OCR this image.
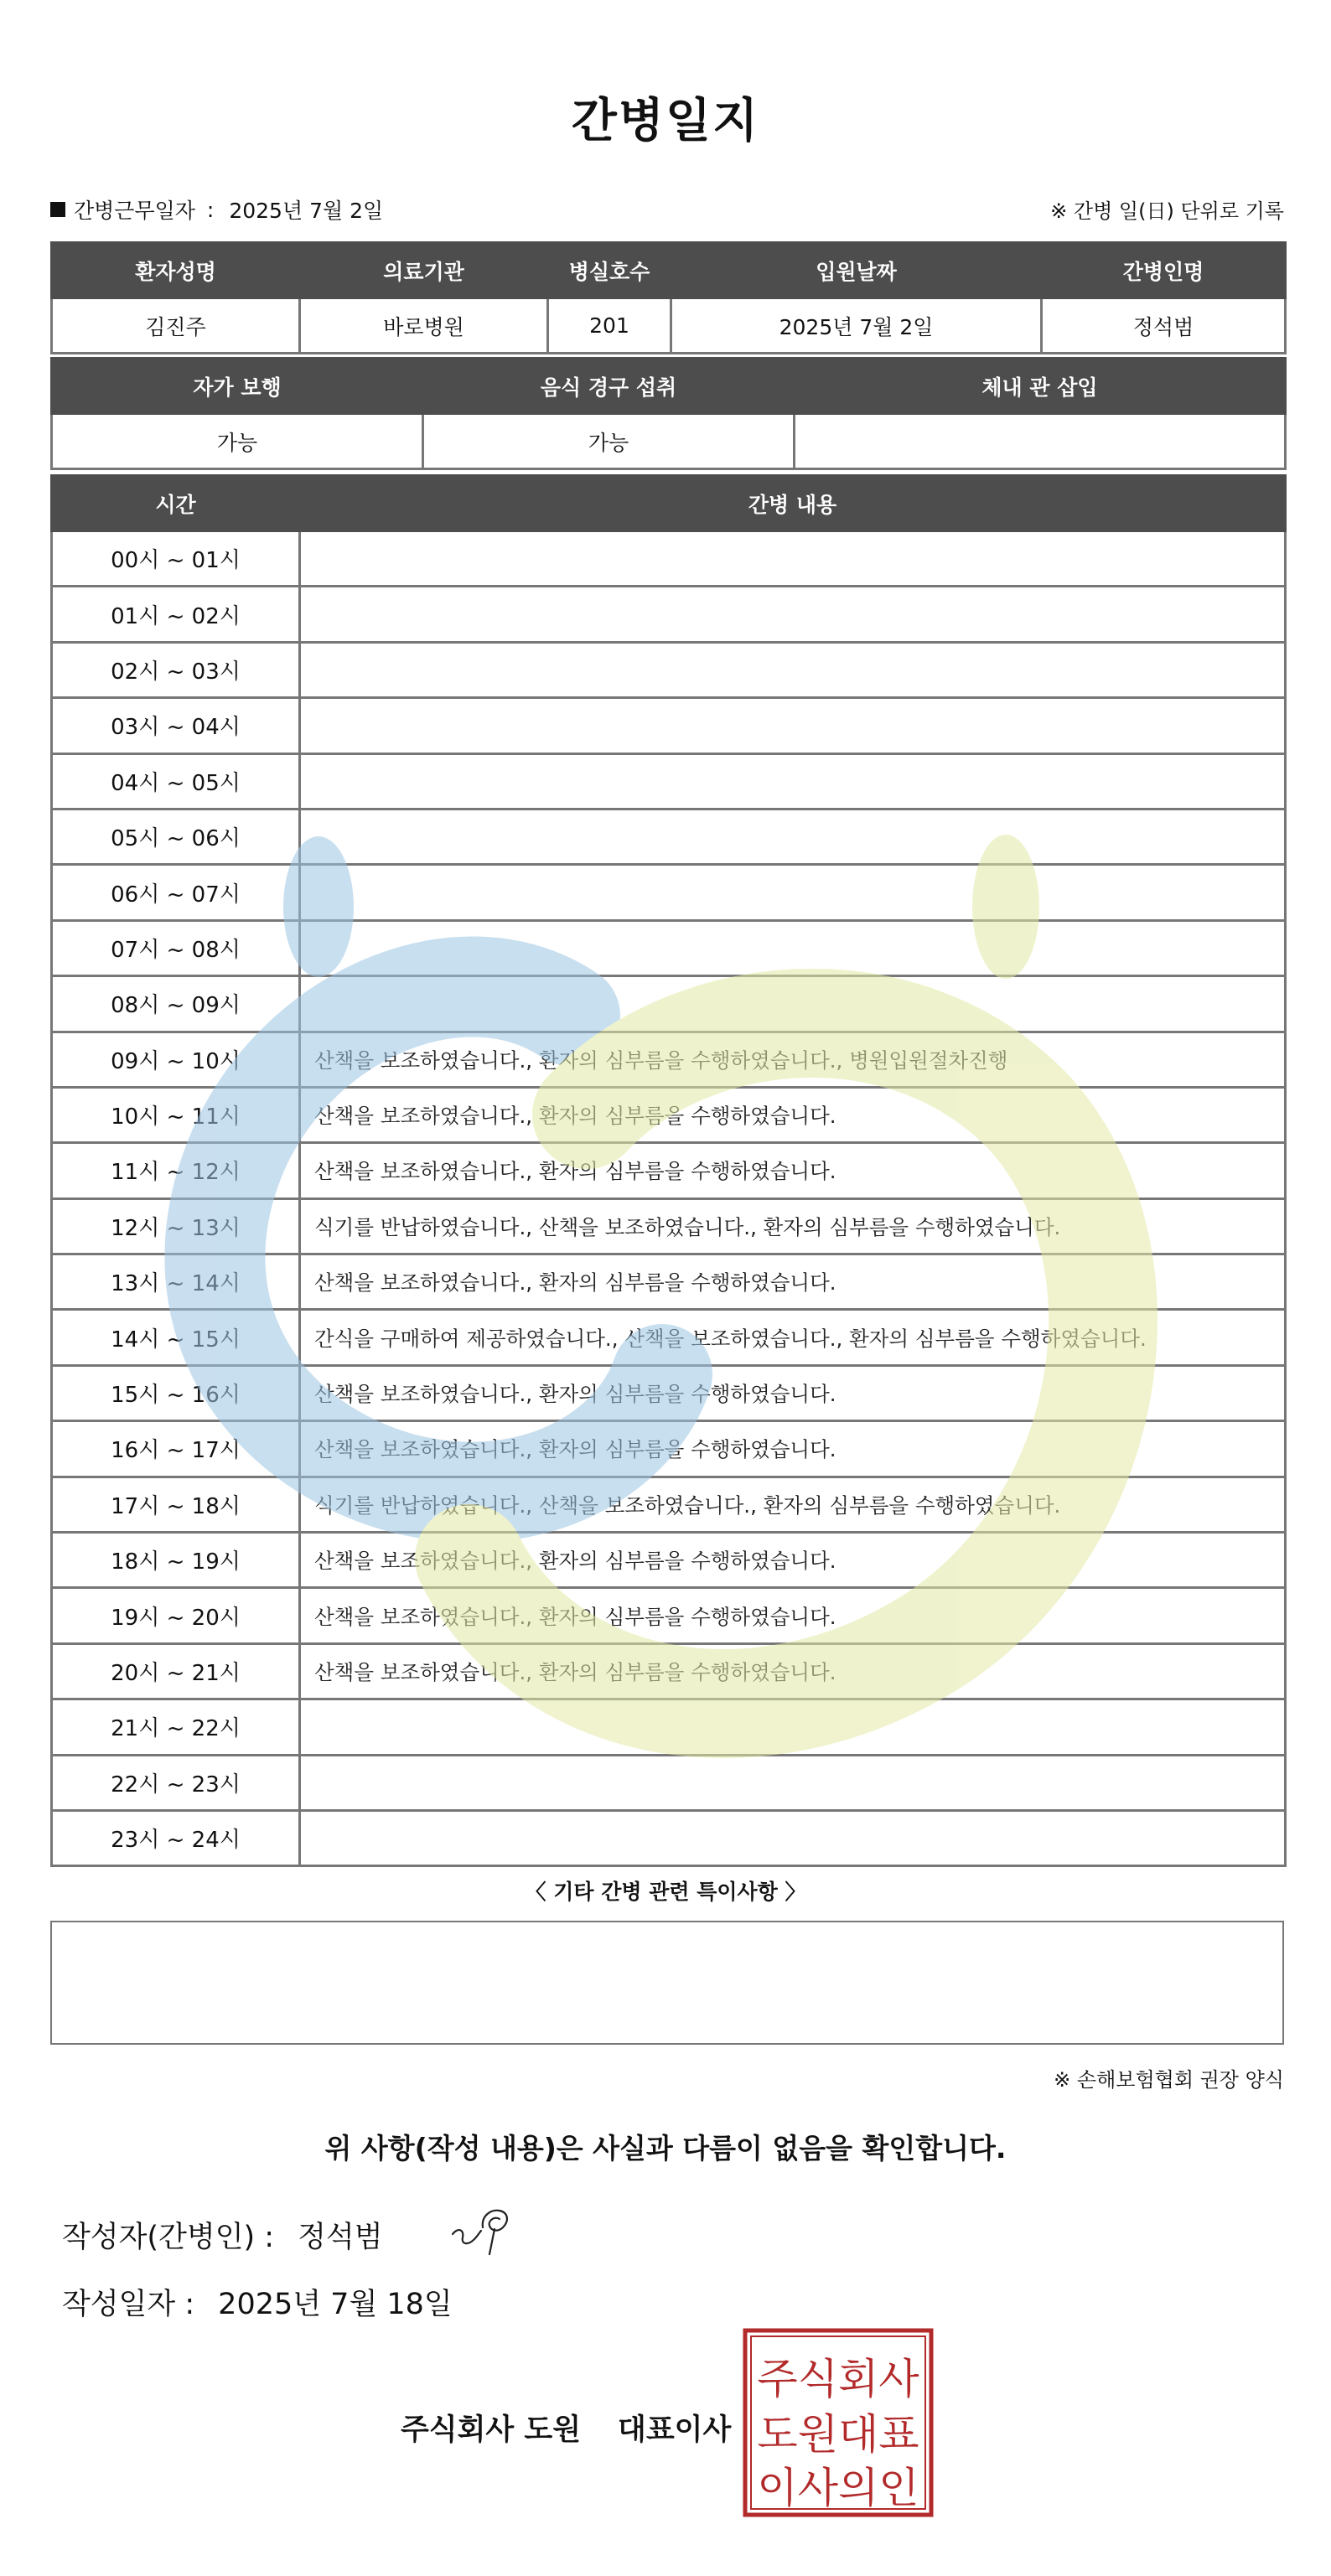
간병일지
간병근무일자 : 2025년 7월 2일	※ 간병 일(日) 단위로 기록
환자성명	의료기관	병실호수	입원날짜	간병인명
김진주	바로병원	201	2025년 7월 2일	정석범
자가 보행	음식 경구 섭취	체내 관 삽입
가능	가능	
시간	간병 내용
00시 ~ 01시	
01시 ~ 02시	
02시 ~ 03시	
03시 ~ 04시	
04시 ~ 05시	
05시 ~ 06시	
06시 ~ 07시	
07시 ~ 08시	
08시 ~ 09시	
09시 ~ 10시	산책을 보조하였습니다., 환자의 심부름을 수행하였습니다., 병원입원절차진행
10시 ~ 11시	산책을 보조하였습니다., 환자의 심부름을 수행하였습니다.
11시 ~ 12시	산책을 보조하였습니다., 환자의 심부름을 수행하였습니다.
12시 ~ 13시	식기를 반납하였습니다., 산책을 보조하였습니다., 환자의 심부름을 수행하였습니다.
13시 ~ 14시	산책을 보조하였습니다., 환자의 심부름을 수행하였습니다.
14시 ~ 15시	간식을 구매하여 제공하였습니다., 산책을 보조하였습니다., 환자의 심부름을 수행하였습니다.
15시 ~ 16시	산책을 보조하였습니다., 환자의 심부름을 수행하였습니다.
16시 ~ 17시	산책을 보조하였습니다., 환자의 심부름을 수행하였습니다.
17시 ~ 18시	식기를 반납하였습니다., 산책을 보조하였습니다., 환자의 심부름을 수행하였습니다.
18시 ~ 19시	산책을 보조하였습니다., 환자의 심부름을 수행하였습니다.
19시 ~ 20시	산책을 보조하였습니다., 환자의 심부름을 수행하였습니다.
20시 ~ 21시	산책을 보조하였습니다., 환자의 심부름을 수행하였습니다.
21시 ~ 22시	
22시 ~ 23시	
23시 ~ 24시	
〈 기타 간병 관련 특이사항 〉
※ 손해보험협회 권장 양식
위 사항(작성 내용)은 사실과 다름이 없음을 확인합니다.
작성자(간병인) : 정석범
작성일자 : 2025년 7월 18일
주식회사 도원 대표이사
주식회사
도원대표
이사의인
